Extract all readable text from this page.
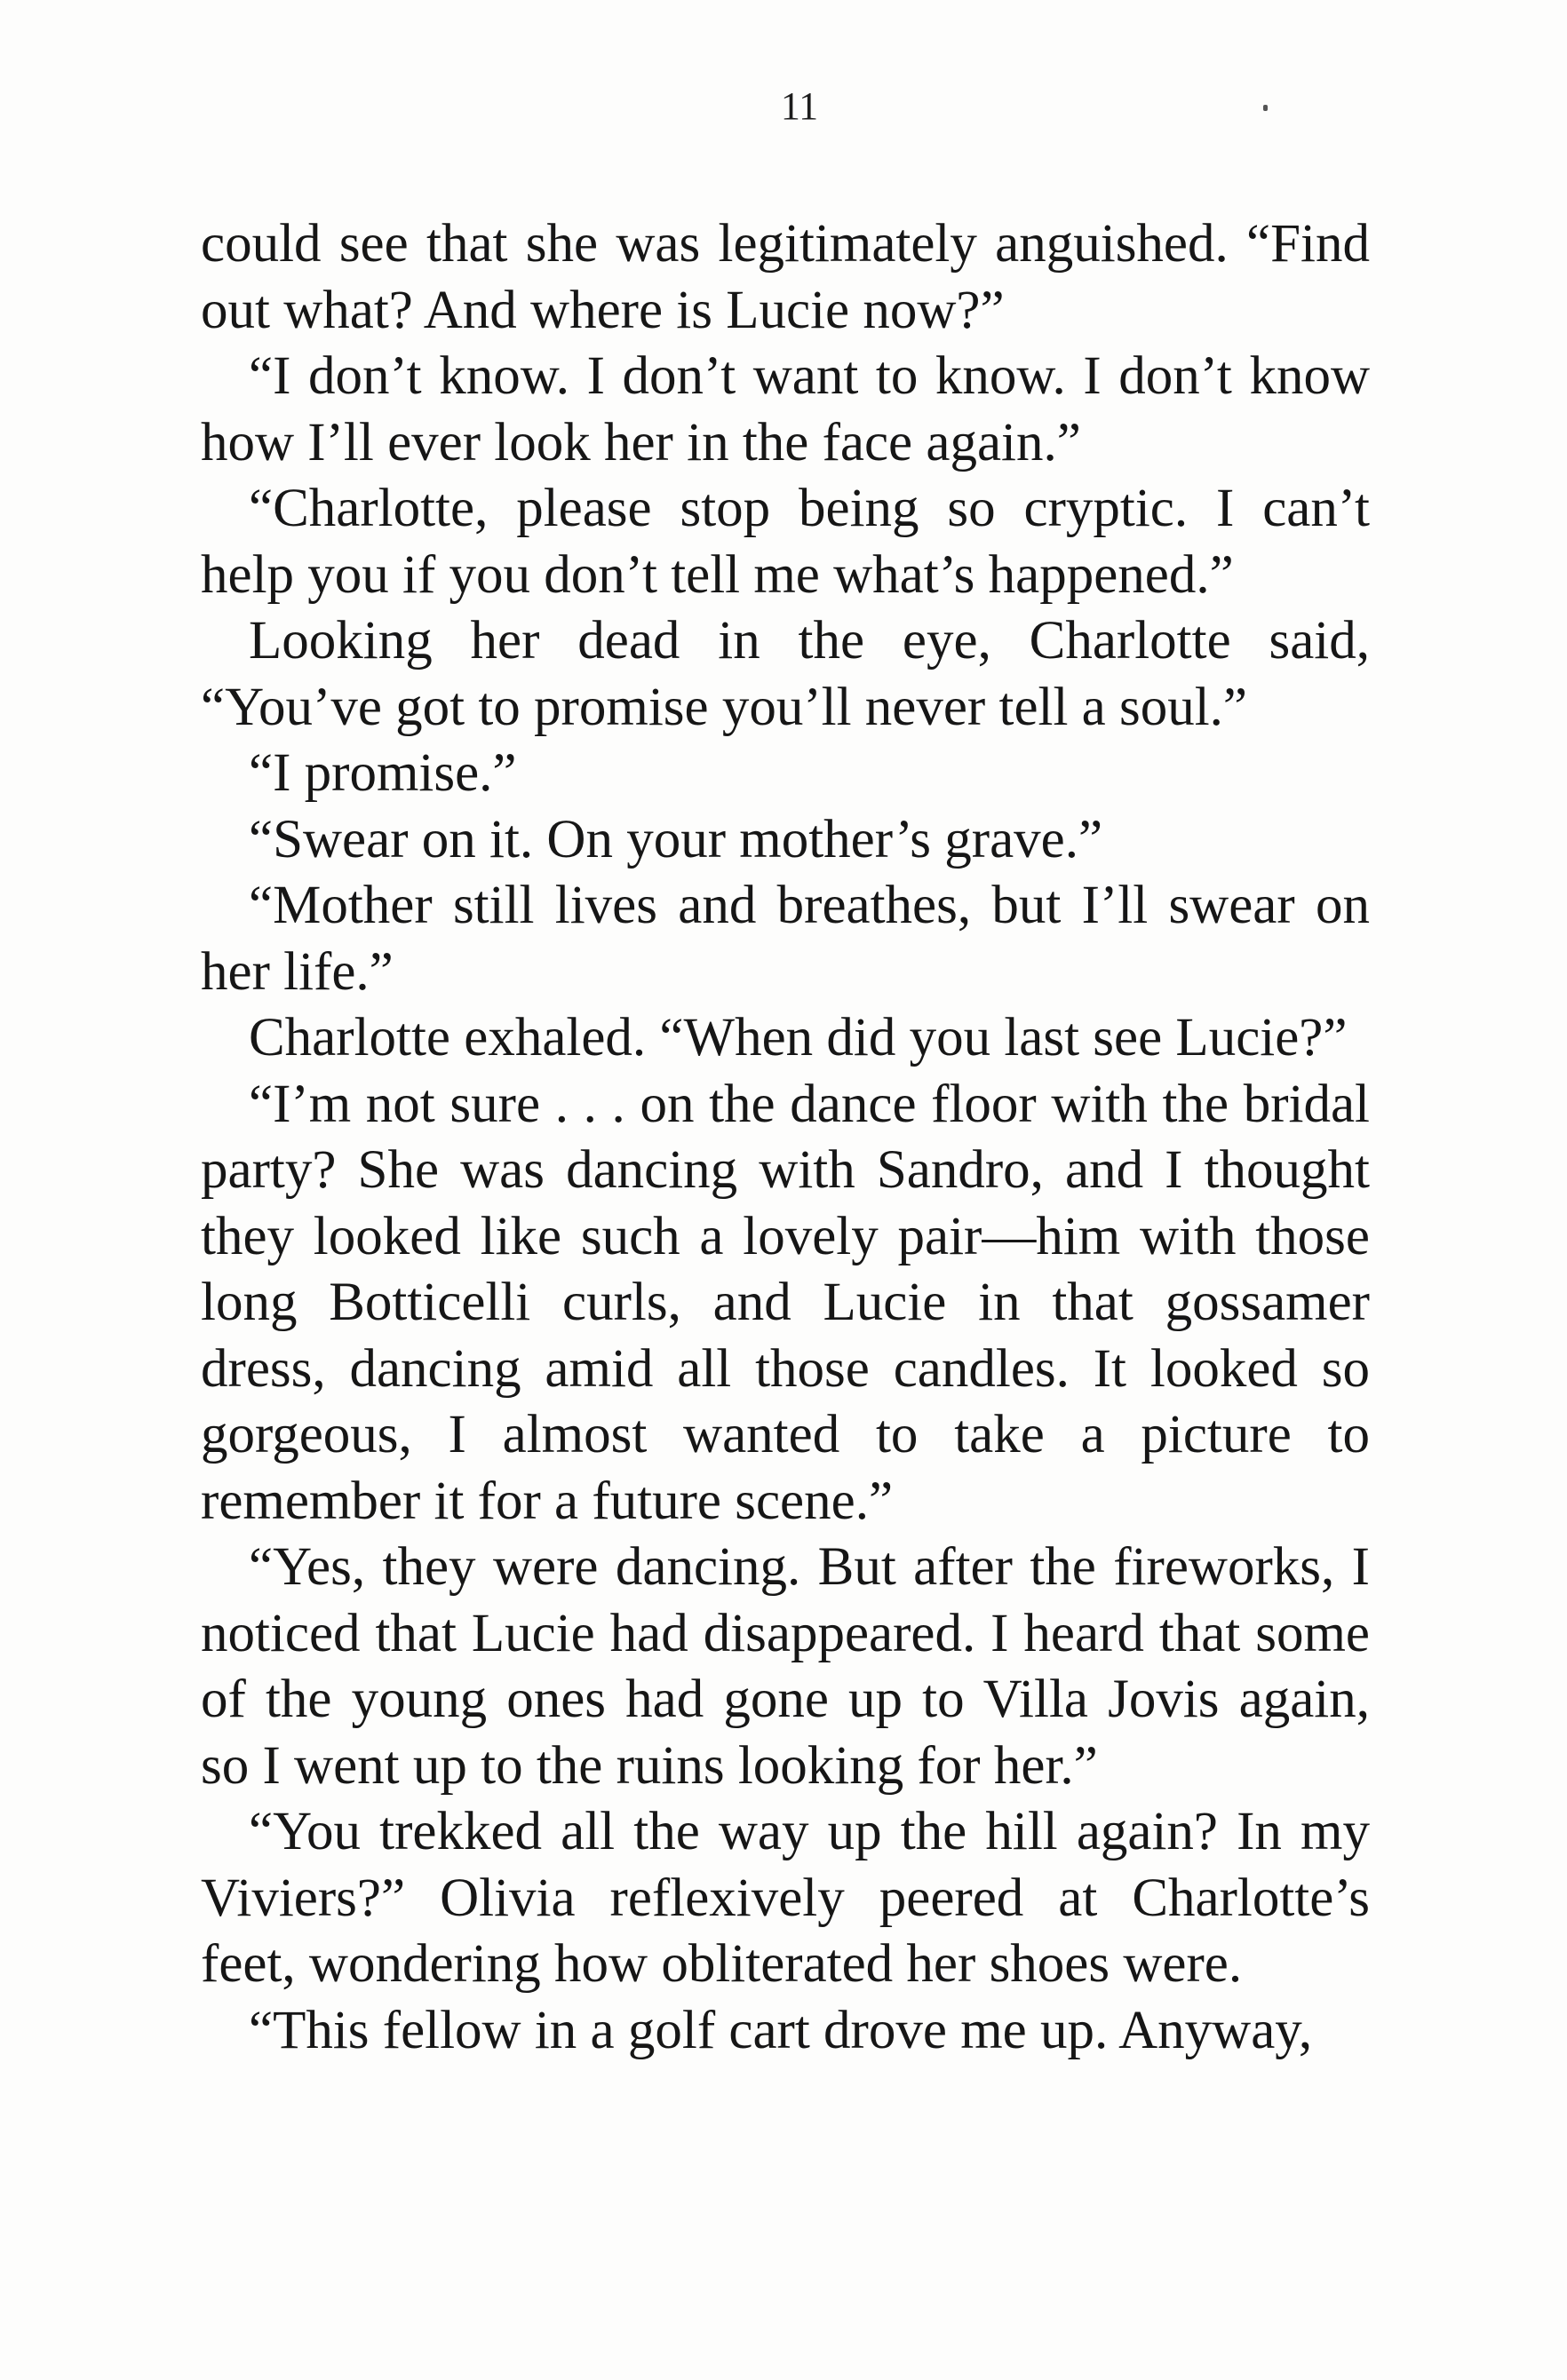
11

could see that she was legitimately anguished. “Find out what? And where is Lucie now?”

“I don’t know. I don’t want to know. I don’t know how I’ll ever look her in the face again.”

“Charlotte, please stop being so cryptic. I can’t help you if you don’t tell me what’s happened.”

Looking her dead in the eye, Charlotte said, “You’ve got to promise you’ll never tell a soul.”

“I promise.”

“Swear on it. On your mother’s grave.”

“Mother still lives and breathes, but I’ll swear on her life.”

Charlotte exhaled. “When did you last see Lucie?”

“I’m not sure . . . on the dance floor with the bridal party? She was dancing with Sandro, and I thought they looked like such a lovely pair—him with those long Botticelli curls, and Lucie in that gossamer dress, dancing amid all those candles. It looked so gorgeous, I almost wanted to take a picture to remember it for a future scene.”

“Yes, they were dancing. But after the fireworks, I noticed that Lucie had disappeared. I heard that some of the young ones had gone up to Villa Jovis again, so I went up to the ruins looking for her.”

“You trekked all the way up the hill again? In my Viviers?” Olivia reflexively peered at Charlotte’s feet, wondering how obliterated her shoes were.

“This fellow in a golf cart drove me up. Anyway,
